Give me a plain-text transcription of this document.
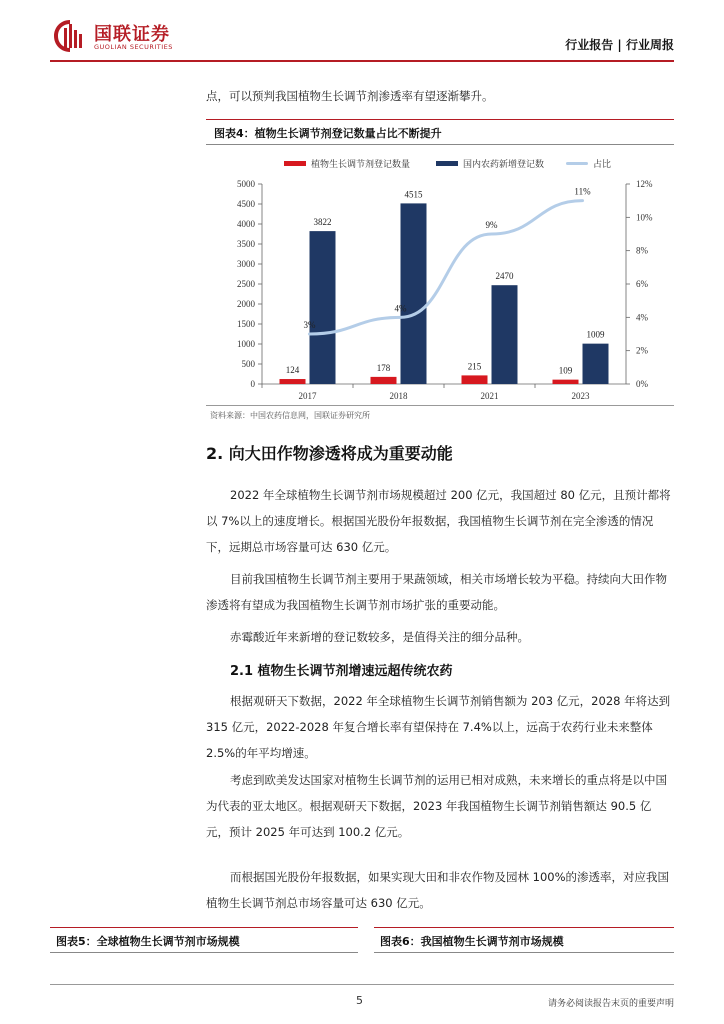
国联证券
GUOLIAN SECURITIES	行业报告 | 行业周报
点，可以预判我国植物生长调节剂渗透率有望逐渐攀升。
图表4：植物生长调节剂登记数量占比不断提升
植物生长调节剂登记数量	国内农药新增登记数	占比
0
500
1000
1500
2000
2500
3000
3500
4000
4500
5000
0%
2%
4%
6%
8%
10%
12%
2017
124
3822
2018
178
4515
2021
215
2470
2023
109
1009
3%
4%
9%
11%
资料来源：中国农药信息网，国联证券研究所
2. 向大田作物渗透将成为重要动能
2022 年全球植物生长调节剂市场规模超过 200 亿元，我国超过 80 亿元，且预计都将以 7%以上的速度增长。根据国光股份年报数据，我国植物生长调节剂在完全渗透的情况下，远期总市场容量可达 630 亿元。
目前我国植物生长调节剂主要用于果蔬领域，相关市场增长较为平稳。持续向大田作物渗透将有望成为我国植物生长调节剂市场扩张的重要动能。
赤霉酸近年来新增的登记数较多，是值得关注的细分品种。
2.1 植物生长调节剂增速远超传统农药
根据观研天下数据，2022 年全球植物生长调节剂销售额为 203 亿元，2028 年将达到 315 亿元，2022-2028 年复合增长率有望保持在 7.4%以上，远高于农药行业未来整体 2.5%的年平均增速。
考虑到欧美发达国家对植物生长调节剂的运用已相对成熟，未来增长的重点将是以中国为代表的亚太地区。根据观研天下数据，2023 年我国植物生长调节剂销售额达 90.5 亿元，预计 2025 年可达到 100.2 亿元。
而根据国光股份年报数据，如果实现大田和非农作物及园林 100%的渗透率，对应我国植物生长调节剂总市场容量可达 630 亿元。
图表5：全球植物生长调节剂市场规模	图表6：我国植物生长调节剂市场规模
5	请务必阅读报告末页的重要声明
